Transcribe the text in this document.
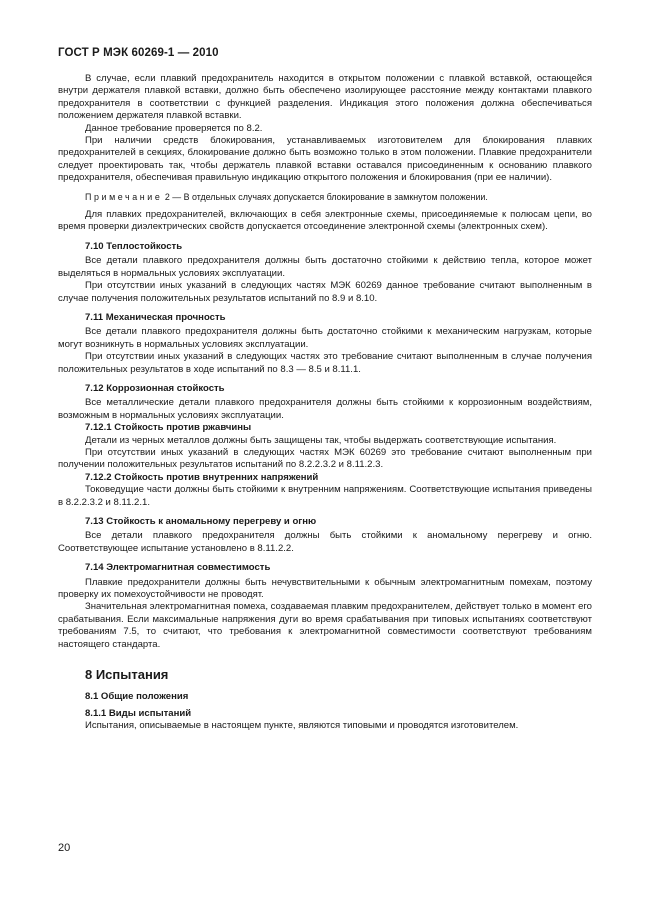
ГОСТ Р МЭК 60269-1 — 2010

В случае, если плавкий предохранитель находится в открытом положении с плавкой вставкой, остающейся внутри держателя плавкой вставки, должно быть обеспечено изолирующее расстояние между контактами плавкого предохранителя в соответствии с функцией разделения. Индикация этого положения должна обеспечиваться положением держателя плавкой вставки.

Данное требование проверяется по 8.2.

При наличии средств блокирования, устанавливаемых изготовителем для блокирования плавких предохранителей в секциях, блокирование должно быть возможно только в этом положении. Плавкие предохранители следует проектировать так, чтобы держатель плавкой вставки оставался присоединенным к основанию плавкого предохранителя, обеспечивая правильную индикацию открытого положения и блокирования (при ее наличии).

Примечание 2 — В отдельных случаях допускается блокирование в замкнутом положении.

Для плавких предохранителей, включающих в себя электронные схемы, присоединяемые к полюсам цепи, во время проверки диэлектрических свойств допускается отсоединение электронной схемы (электронных схем).

7.10 Теплостойкость

Все детали плавкого предохранителя должны быть достаточно стойкими к действию тепла, которое может выделяться в нормальных условиях эксплуатации.

При отсутствии иных указаний в следующих частях МЭК 60269 данное требование считают выполненным в случае получения положительных результатов испытаний по 8.9 и 8.10.

7.11 Механическая прочность

Все детали плавкого предохранителя должны быть достаточно стойкими к механическим нагрузкам, которые могут возникнуть в нормальных условиях эксплуатации.

При отсутствии иных указаний в следующих частях это требование считают выполненным в случае получения положительных результатов в ходе испытаний по 8.3 — 8.5 и 8.11.1.

7.12 Коррозионная стойкость

Все металлические детали плавкого предохранителя должны быть стойкими к коррозионным воздействиям, возможным в нормальных условиях эксплуатации.

7.12.1 Стойкость против ржавчины

Детали из черных металлов должны быть защищены так, чтобы выдержать соответствующие испытания.

При отсутствии иных указаний в следующих частях МЭК 60269 это требование считают выполненным при получении положительных результатов испытаний по 8.2.2.3.2 и 8.11.2.3.

7.12.2 Стойкость против внутренних напряжений

Токоведущие части должны быть стойкими к внутренним напряжениям. Соответствующие испытания приведены в 8.2.2.3.2 и 8.11.2.1.

7.13 Стойкость к аномальному перегреву и огню

Все детали плавкого предохранителя должны быть стойкими к аномальному перегреву и огню. Соответствующее испытание установлено в 8.11.2.2.

7.14 Электромагнитная совместимость

Плавкие предохранители должны быть нечувствительными к обычным электромагнитным помехам, поэтому проверку их помехоустойчивости не проводят.

Значительная электромагнитная помеха, создаваемая плавким предохранителем, действует только в момент его срабатывания. Если максимальные напряжения дуги во время срабатывания при типовых испытаниях соответствуют требованиям 7.5, то считают, что требования к электромагнитной совместимости соответствуют требованиям настоящего стандарта.

8 Испытания
8.1 Общие положения
8.1.1 Виды испытаний

Испытания, описываемые в настоящем пункте, являются типовыми и проводятся изготовителем.

20
